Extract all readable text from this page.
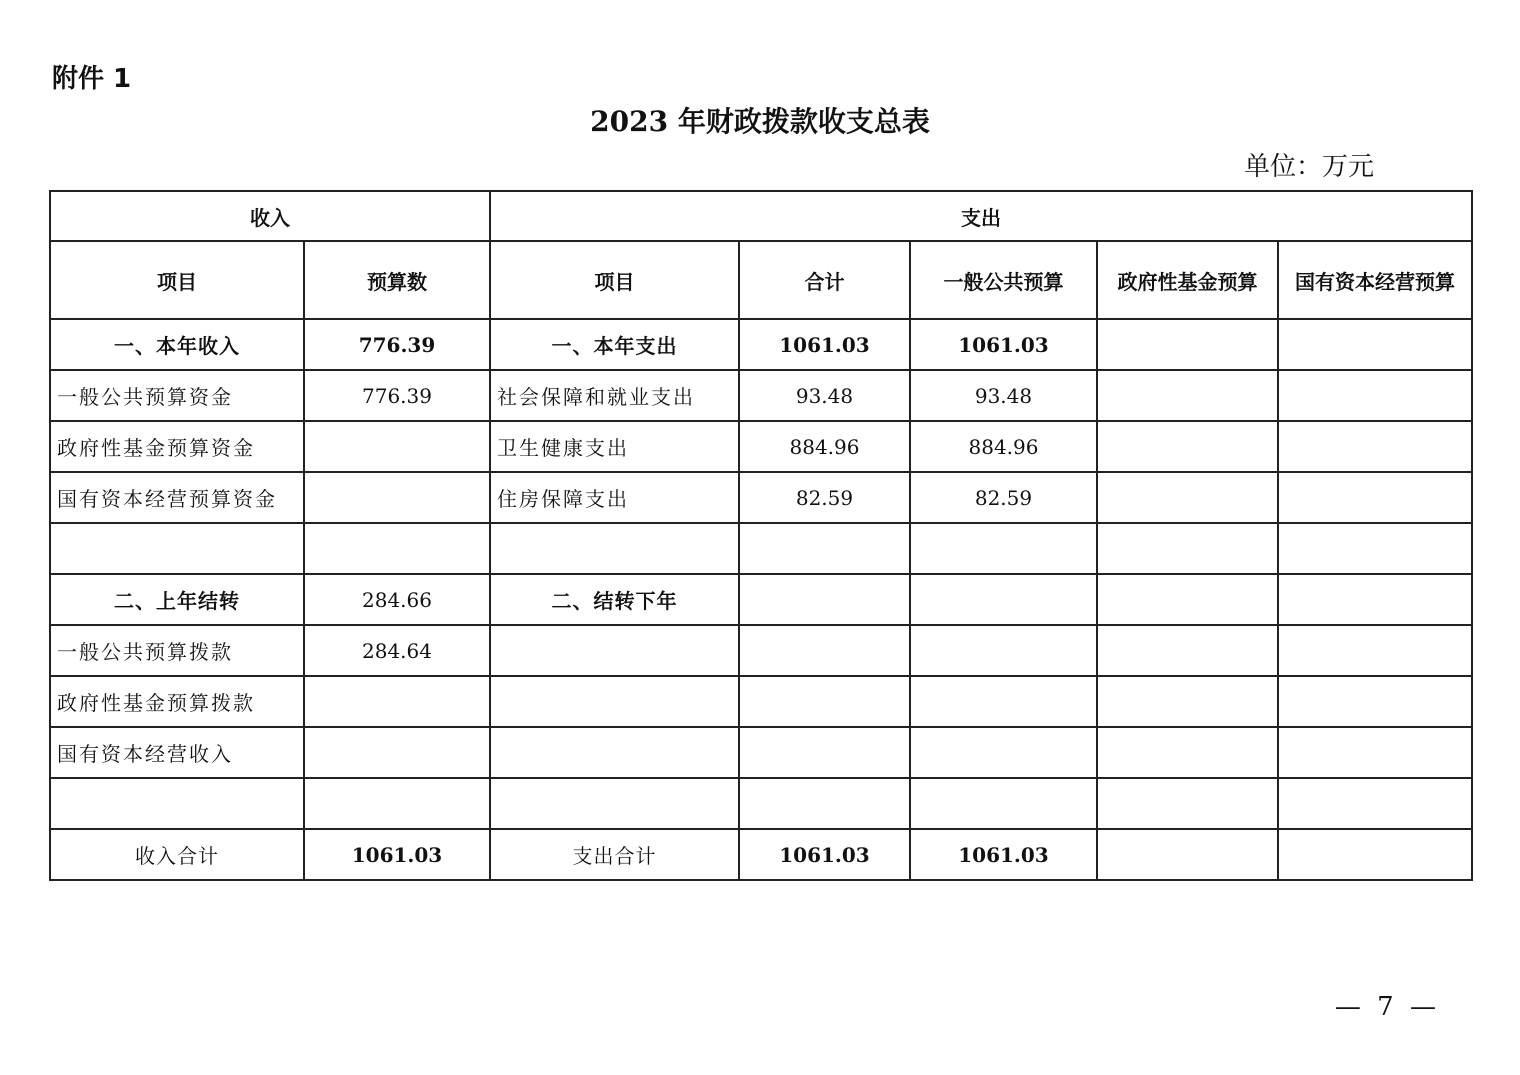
附件 1
2023 年财政拨款收支总表
单位：万元
收入		支出				
项目	预算数	项目	合计	一般公共预算	政府性基金预算	国有资本经营预算
一、本年收入	776.39	一、本年支出	1061.03	1061.03		
一般公共预算资金	776.39	社会保障和就业支出	93.48	93.48		
政府性基金预算资金		卫生健康支出	884.96	884.96		
国有资本经营预算资金		住房保障支出	82.59	82.59		

二、上年结转	284.66	二、结转下年				
一般公共预算拨款	284.64					
政府性基金预算拨款						
国有资本经营收入						

收入合计	1061.03	支出合计	1061.03	1061.03		
— 7 —
